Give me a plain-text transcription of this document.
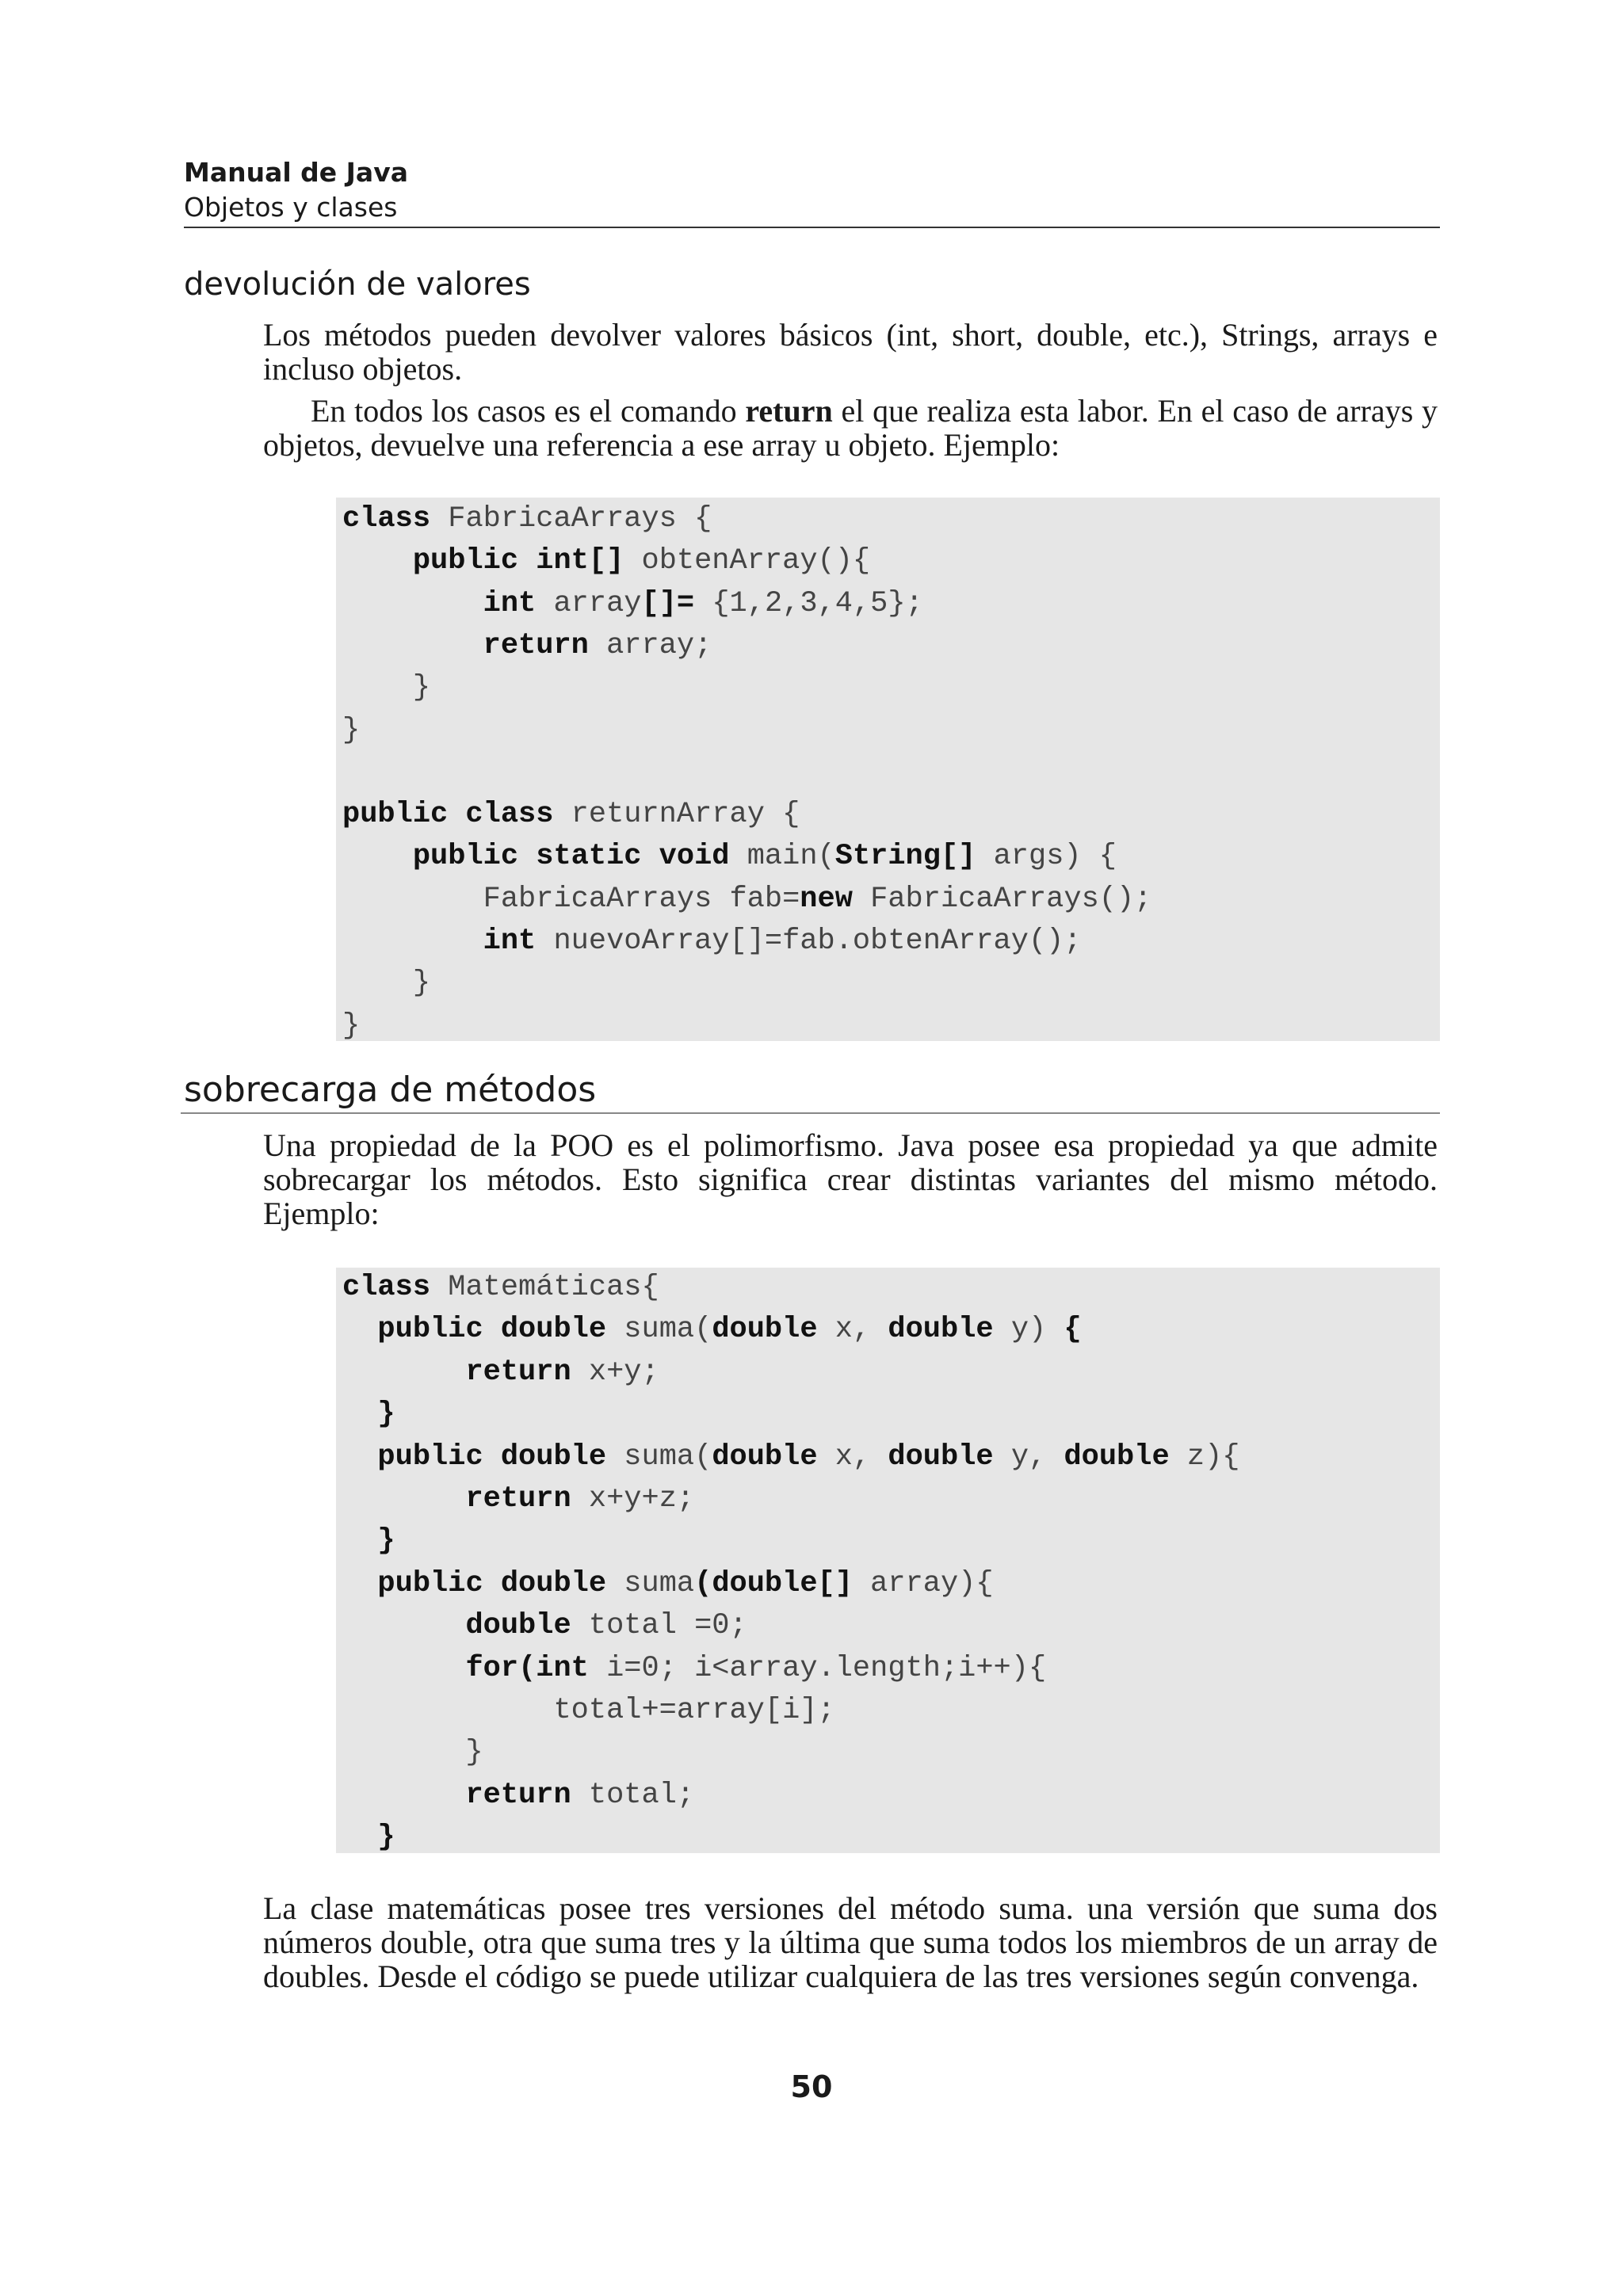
Manual de Java
Objetos y clases
devolución de valores

Los métodos pueden devolver valores básicos (int, short, double, etc.), Strings, arrays e incluso objetos.

En todos los casos es el comando return el que realiza esta labor. En el caso de arrays y objetos, devuelve una referencia a ese array u objeto. Ejemplo:

class FabricaArrays {
public int[] obtenArray(){
int array[]= {1,2,3,4,5};
return array;
}
}
public class returnArray {
public static void main(String[] args) {
FabricaArrays fab=new FabricaArrays();
int nuevoArray[]=fab.obtenArray();
}
}
sobrecarga de métodos

Una propiedad de la POO es el polimorfismo. Java posee esa propiedad ya que admite sobrecargar los métodos. Esto significa crear distintas variantes del mismo método. Ejemplo:

class Matemáticas{
public double suma(double x, double y) {
return x+y;
}
public double suma(double x, double y, double z){
return x+y+z;
}
public double suma(double[] array){
double total =0;
for(int i=0; i<array.length;i++){
total+=array[i];
}
return total;
}

La clase matemáticas posee tres versiones del método suma. una versión que suma dos números double, otra que suma tres y la última que suma todos los miembros de un array de doubles. Desde el código se puede utilizar cualquiera de las tres versiones según convenga.

50
